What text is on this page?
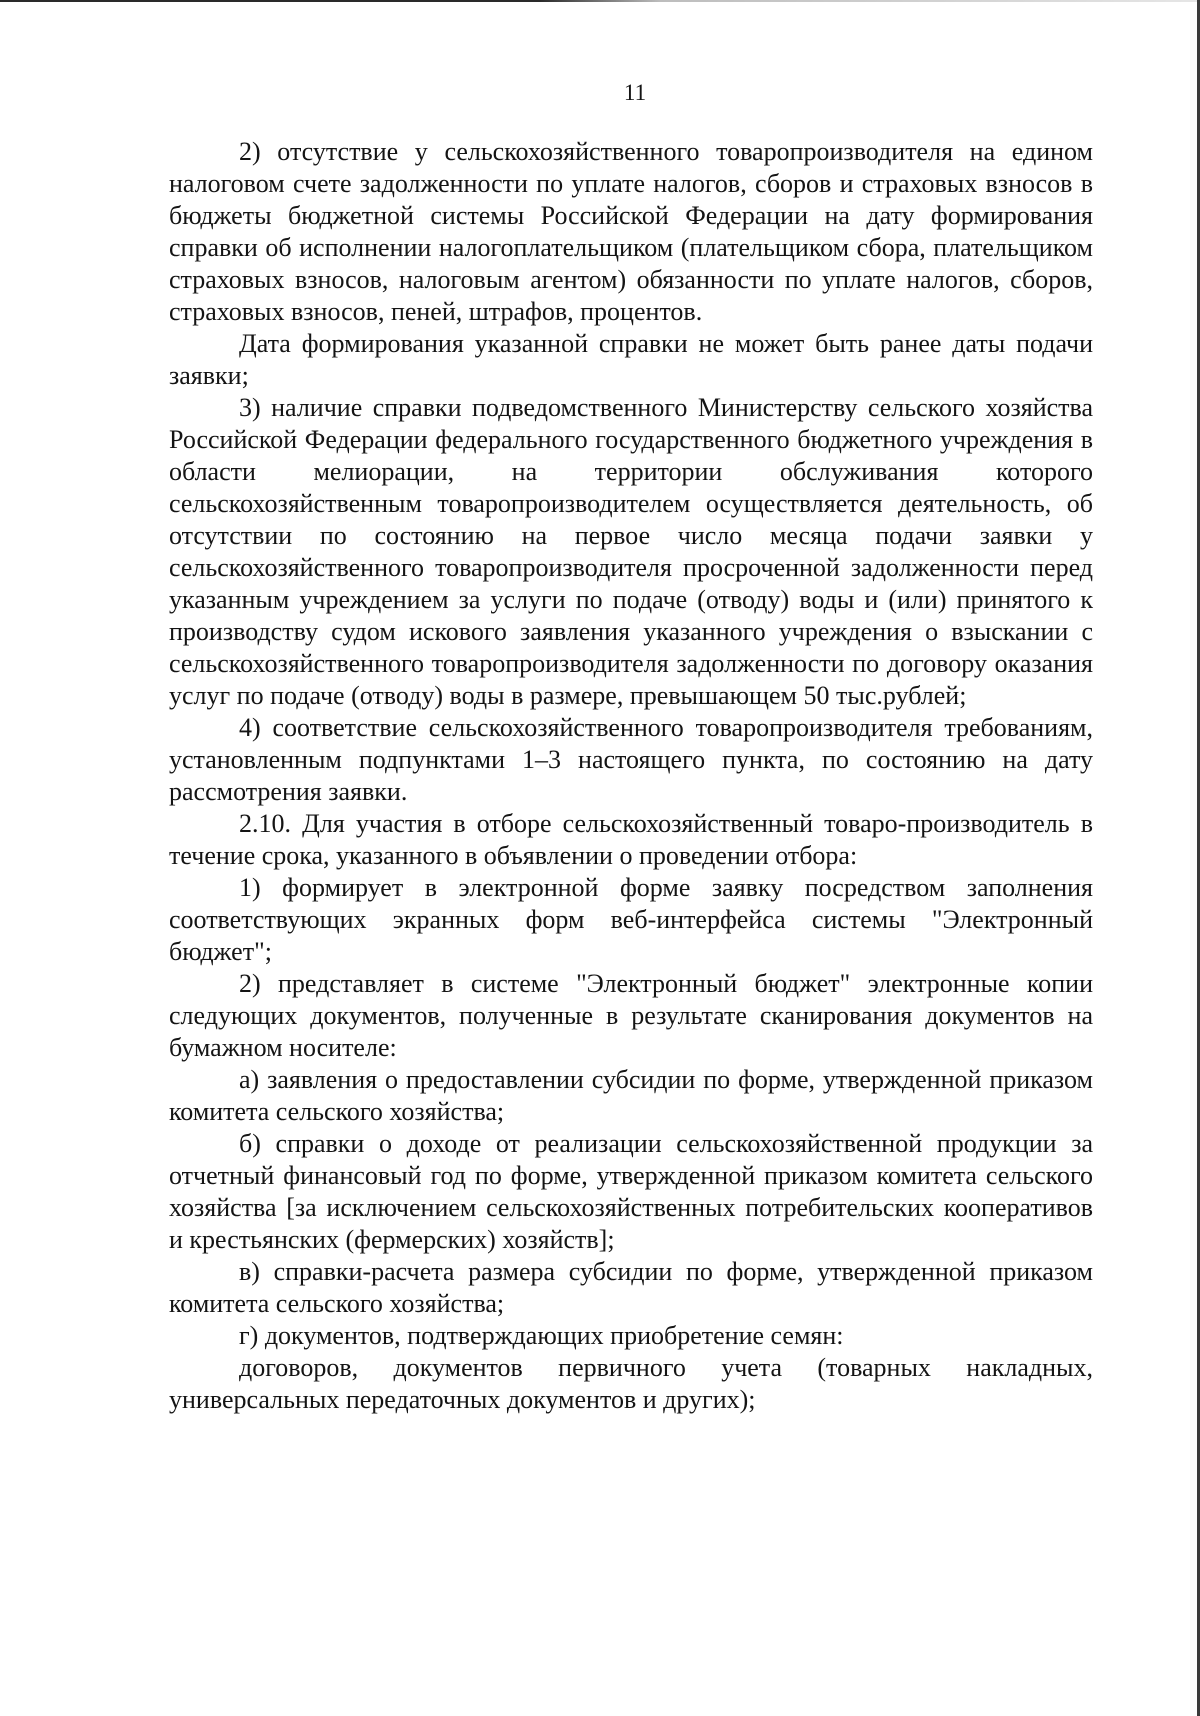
11

2) отсутствие у сельскохозяйственного товаропроизводителя на едином налоговом счете задолженности по уплате налогов, сборов и страховых взносов в бюджеты бюджетной системы Российской Федерации на дату формирования справки об исполнении налогоплательщиком (плательщиком сбора, плательщиком страховых взносов, налоговым агентом) обязанности по уплате налогов, сборов, страховых взносов, пеней, штрафов, процентов.

Дата формирования указанной справки не может быть ранее даты подачи заявки;

3) наличие справки подведомственного Министерству сельского хозяйства Российской Федерации федерального государственного бюджетного учреждения в области мелиорации, на территории обслуживания которого сельскохозяйственным товаропроизводителем осуществляется деятельность, об отсутствии по состоянию на первое число месяца подачи заявки у сельскохозяйственного товаропроизводителя просроченной задолженности перед указанным учреждением за услуги по подаче (отводу) воды и (или) принятого к производству судом искового заявления указанного учреждения о взыскании с сельскохозяйственного товаропроизводителя задолженности по договору оказания услуг по подаче (отводу) воды в размере, превышающем 50 тыс.рублей;

4) соответствие сельскохозяйственного товаропроизводителя требованиям, установленным подпунктами 1–3 настоящего пункта, по состоянию на дату рассмотрения заявки.

2.10. Для участия в отборе сельскохозяйственный товаро-производитель в течение срока, указанного в объявлении о проведении отбора:

1) формирует в электронной форме заявку посредством заполнения соответствующих экранных форм веб-интерфейса системы "Электронный бюджет";

2) представляет в системе "Электронный бюджет" электронные копии следующих документов, полученные в результате сканирования документов на бумажном носителе:

а) заявления о предоставлении субсидии по форме, утвержденной приказом комитета сельского хозяйства;

б) справки о доходе от реализации сельскохозяйственной продукции за отчетный финансовый год по форме, утвержденной приказом комитета сельского хозяйства [за исключением сельскохозяйственных потребительских кооперативов и крестьянских (фермерских) хозяйств];

в) справки-расчета размера субсидии по форме, утвержденной приказом комитета сельского хозяйства;

г) документов, подтверждающих приобретение семян:

договоров, документов первичного учета (товарных накладных, универсальных передаточных документов и других);
